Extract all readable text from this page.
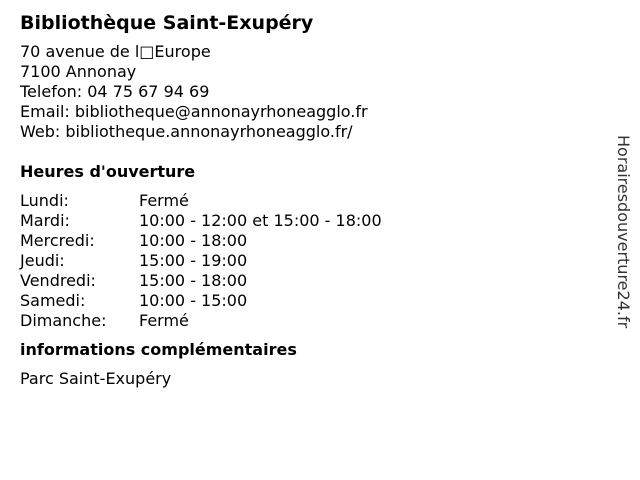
Bibliothèque Saint-Exupéry
70 avenue de l□Europe
7100 Annonay
Telefon: 04 75 67 94 69
Email: bibliotheque@annonayrhoneagglo.fr
Web: bibliotheque.annonayrhoneagglo.fr/
Heures d'ouverture
Lundi:	Fermé
Mardi:	10:00 - 12:00 et 15:00 - 18:00
Mercredi:	10:00 - 18:00
Jeudi:	15:00 - 19:00
Vendredi:	15:00 - 18:00
Samedi:	10:00 - 15:00
Dimanche:	Fermé
informations complémentaires
Parc Saint-Exupéry
Horairesdouverture24.fr
